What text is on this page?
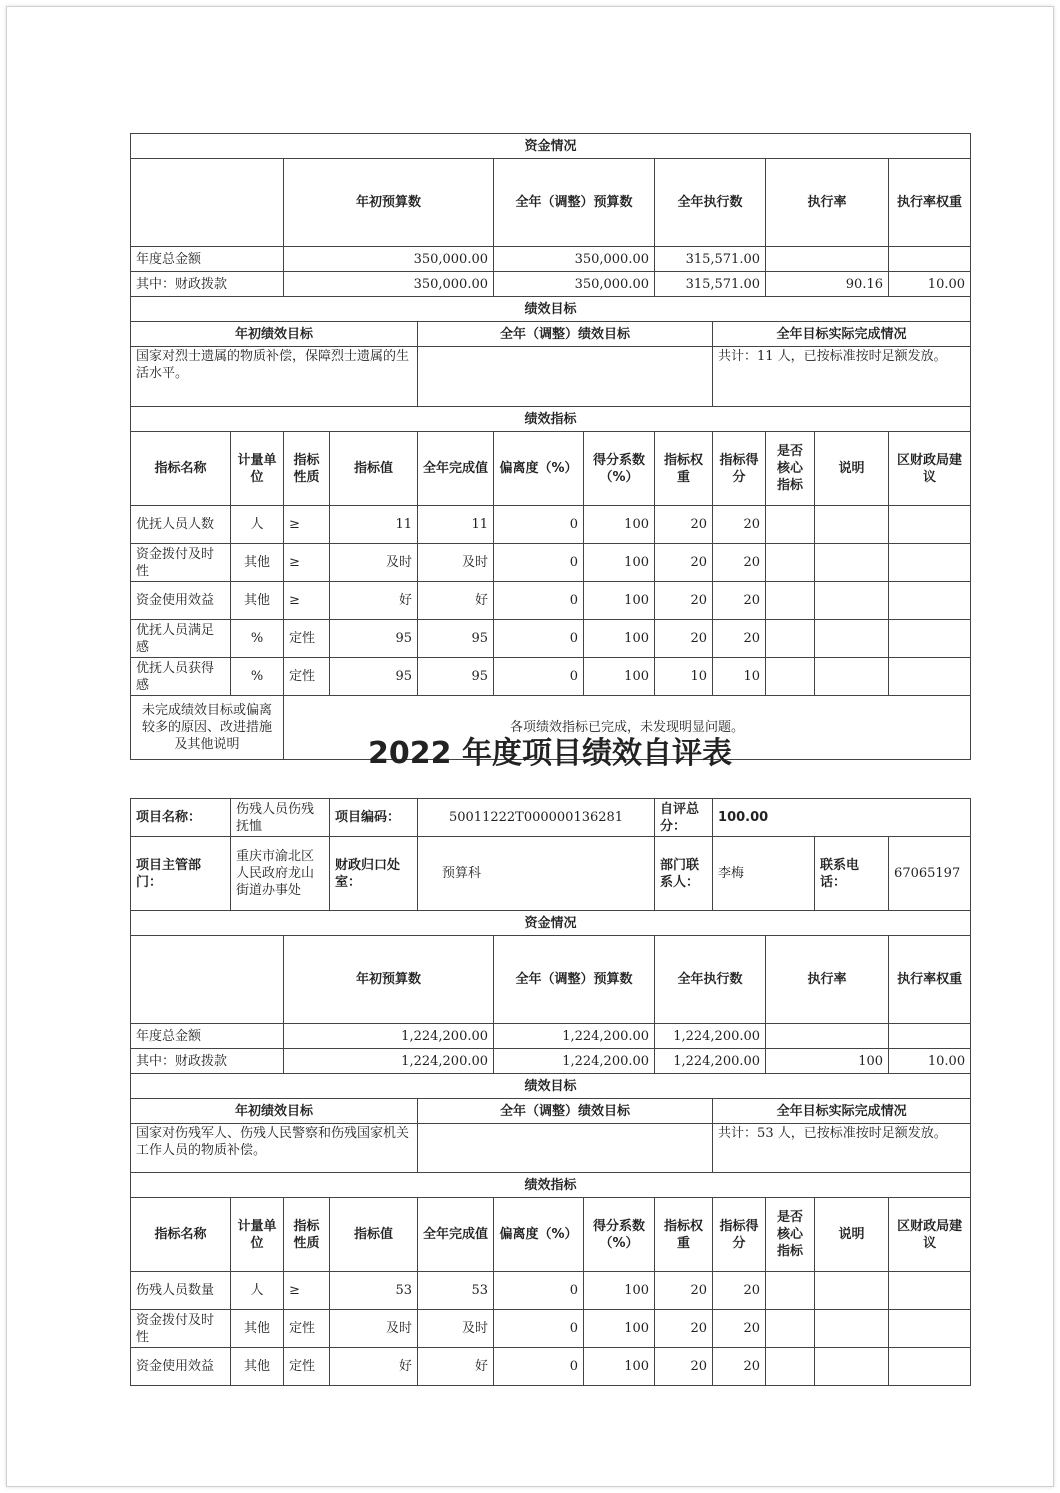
资金情况												
		年初预算数			全年（调整）预算数		全年执行数		执行率		执行率权重	
年度总金额		350,000.00			350,000.00		315,571.00					
其中：财政拨款		350,000.00			350,000.00		315,571.00		90.16		10.00	
绩效目标												
年初绩效目标				全年（调整）绩效目标				全年目标实际完成情况				
国家对烈士遗属的物质补偿，保障烈士遗属的生活水平。								共计：11 人，已按标准按时足额发放。				
绩效指标												
指标名称	计量单位	指标性质	指标值	全年完成值	偏离度（%）	得分系数（%）	指标权重	指标得分	是否核心指标	说明	区财政局建议	
优抚人员人数	人	≥	11	11	0	100	20	20				
资金拨付及时性	其他	≥	及时	及时	0	100	20	20				
资金使用效益	其他	≥	好	好	0	100	20	20				
优抚人员满足感	%	定性	95	95	0	100	20	20				
优抚人员获得感	%	定性	95	95	0	100	10	10				
未完成绩效目标或偏离较多的原因、改进措施及其他说明		各项绩效指标已完成，未发现明显问题。										
2022 年度项目绩效自评表
项目名称：	伤残人员伤残抚恤		项目编码：	50011222T000000136281			自评总分：	100.00				
项目主管部门：	重庆市渝北区人民政府龙山街道办事处		财政归口处室：	预算科			部门联系人：	李梅		联系电话：	67065197	
资金情况												
		年初预算数			全年（调整）预算数		全年执行数		执行率		执行率权重	
年度总金额		1,224,200.00			1,224,200.00		1,224,200.00					
其中：财政拨款		1,224,200.00			1,224,200.00		1,224,200.00		100		10.00	
绩效目标												
年初绩效目标				全年（调整）绩效目标				全年目标实际完成情况				
国家对伤残军人、伤残人民警察和伤残国家机关工作人员的物质补偿。								共计：53 人，已按标准按时足额发放。				
绩效指标												
指标名称	计量单位	指标性质	指标值	全年完成值	偏离度（%）	得分系数（%）	指标权重	指标得分	是否核心指标	说明	区财政局建议	
伤残人员数量	人	≥	53	53	0	100	20	20				
资金拨付及时性	其他	定性	及时	及时	0	100	20	20				
资金使用效益	其他	定性	好	好	0	100	20	20				
